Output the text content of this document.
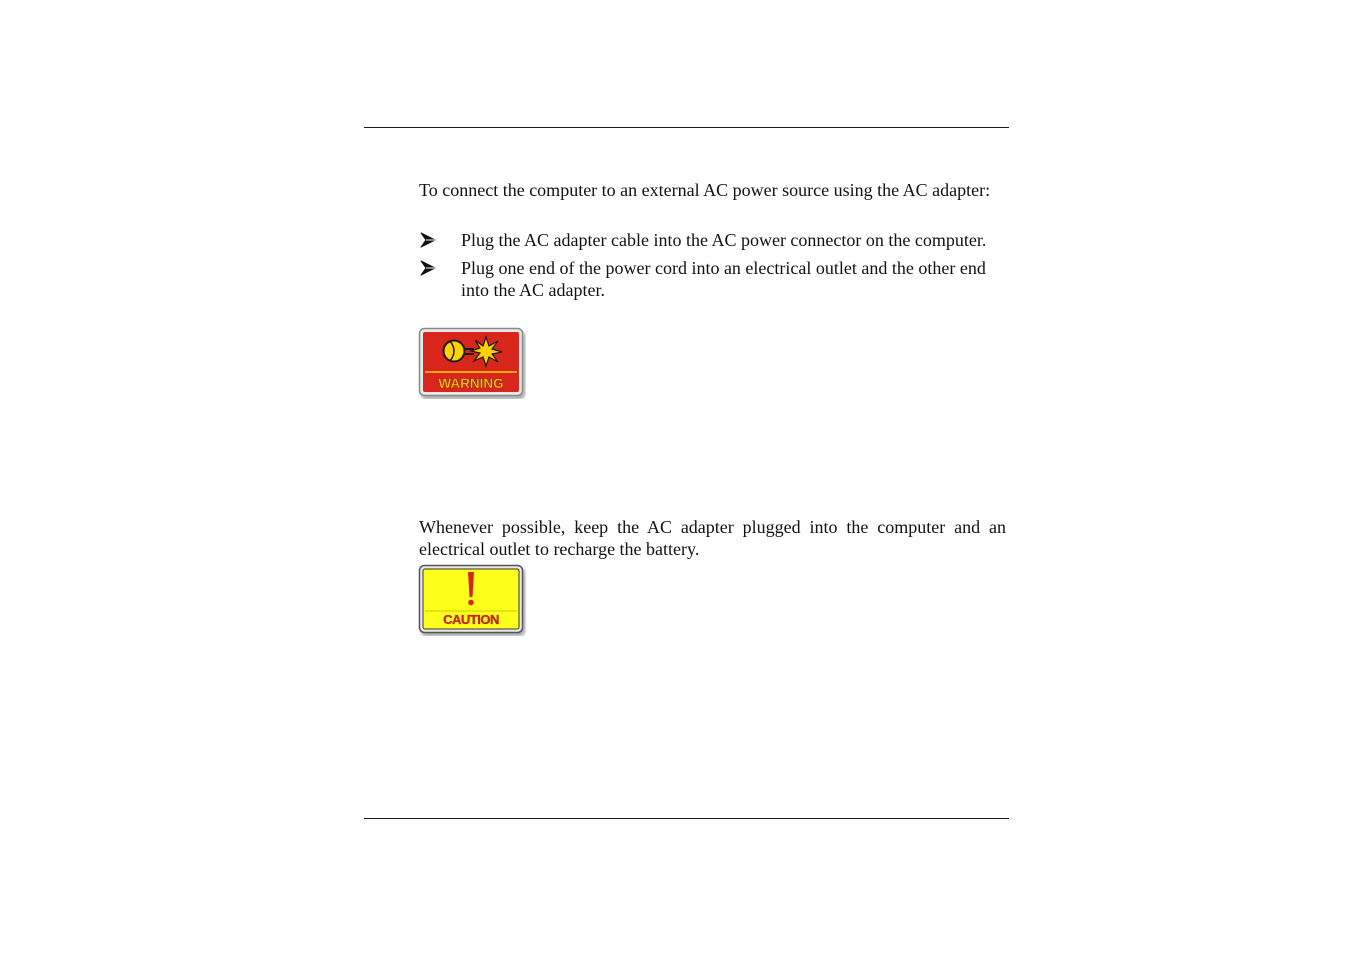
To connect the computer to an external AC power source using the AC adapter:

Plug the AC adapter cable into the AC power connector on the computer.
Plug one end of the power cord into an electrical outlet and the other end into the AC adapter.
WARNING

Whenever possible, keep the AC adapter plugged into the computer and an electrical outlet to recharge the battery.

CAUTION
